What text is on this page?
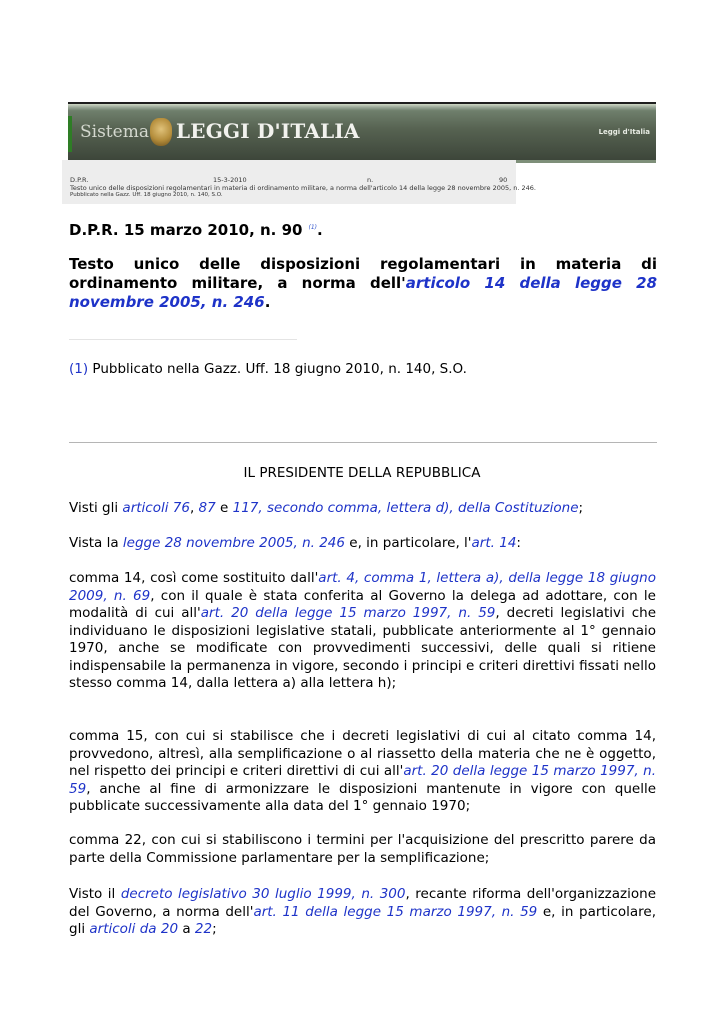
Sistema LEGGI D'ITALIA	Leggi d'Italia
D.P.R.	15-3-2010	n.	90
Testo unico delle disposizioni regolamentari in materia di ordinamento militare, a norma dell'articolo 14 della legge 28 novembre 2005, n. 246.
Pubblicato nella Gazz. Uff. 18 giugno 2010, n. 140, S.O.
D.P.R. 15 marzo 2010, n. 90 $^{(1)}$.
Testo unico delle disposizioni regolamentari in materia di ordinamento militare, a norma dell'articolo 14 della legge 28 novembre 2005, n. 246.
(1) Pubblicato nella Gazz. Uff. 18 giugno 2010, n. 140, S.O.
IL PRESIDENTE DELLA REPUBBLICA
Visti gli articoli 76, 87 e 117, secondo comma, lettera d), della Costituzione;
Vista la legge 28 novembre 2005, n. 246 e, in particolare, l'art. 14:
comma 14, così come sostituito dall'art. 4, comma 1, lettera a), della legge 18 giugno 2009, n. 69, con il quale è stata conferita al Governo la delega ad adottare, con le modalità di cui all'art. 20 della legge 15 marzo 1997, n. 59, decreti legislativi che individuano le disposizioni legislative statali, pubblicate anteriormente al 1° gennaio 1970, anche se modificate con provvedimenti successivi, delle quali si ritiene indispensabile la permanenza in vigore, secondo i principi e criteri direttivi fissati nello stesso comma 14, dalla lettera a) alla lettera h);
comma 15, con cui si stabilisce che i decreti legislativi di cui al citato comma 14, provvedono, altresì, alla semplificazione o al riassetto della materia che ne è oggetto, nel rispetto dei principi e criteri direttivi di cui all'art. 20 della legge 15 marzo 1997, n. 59, anche al fine di armonizzare le disposizioni mantenute in vigore con quelle pubblicate successivamente alla data del 1° gennaio 1970;
comma 22, con cui si stabiliscono i termini per l'acquisizione del prescritto parere da parte della Commissione parlamentare per la semplificazione;
Visto il decreto legislativo 30 luglio 1999, n. 300, recante riforma dell'organizzazione del Governo, a norma dell'art. 11 della legge 15 marzo 1997, n. 59 e, in particolare, gli articoli da 20 a 22;
